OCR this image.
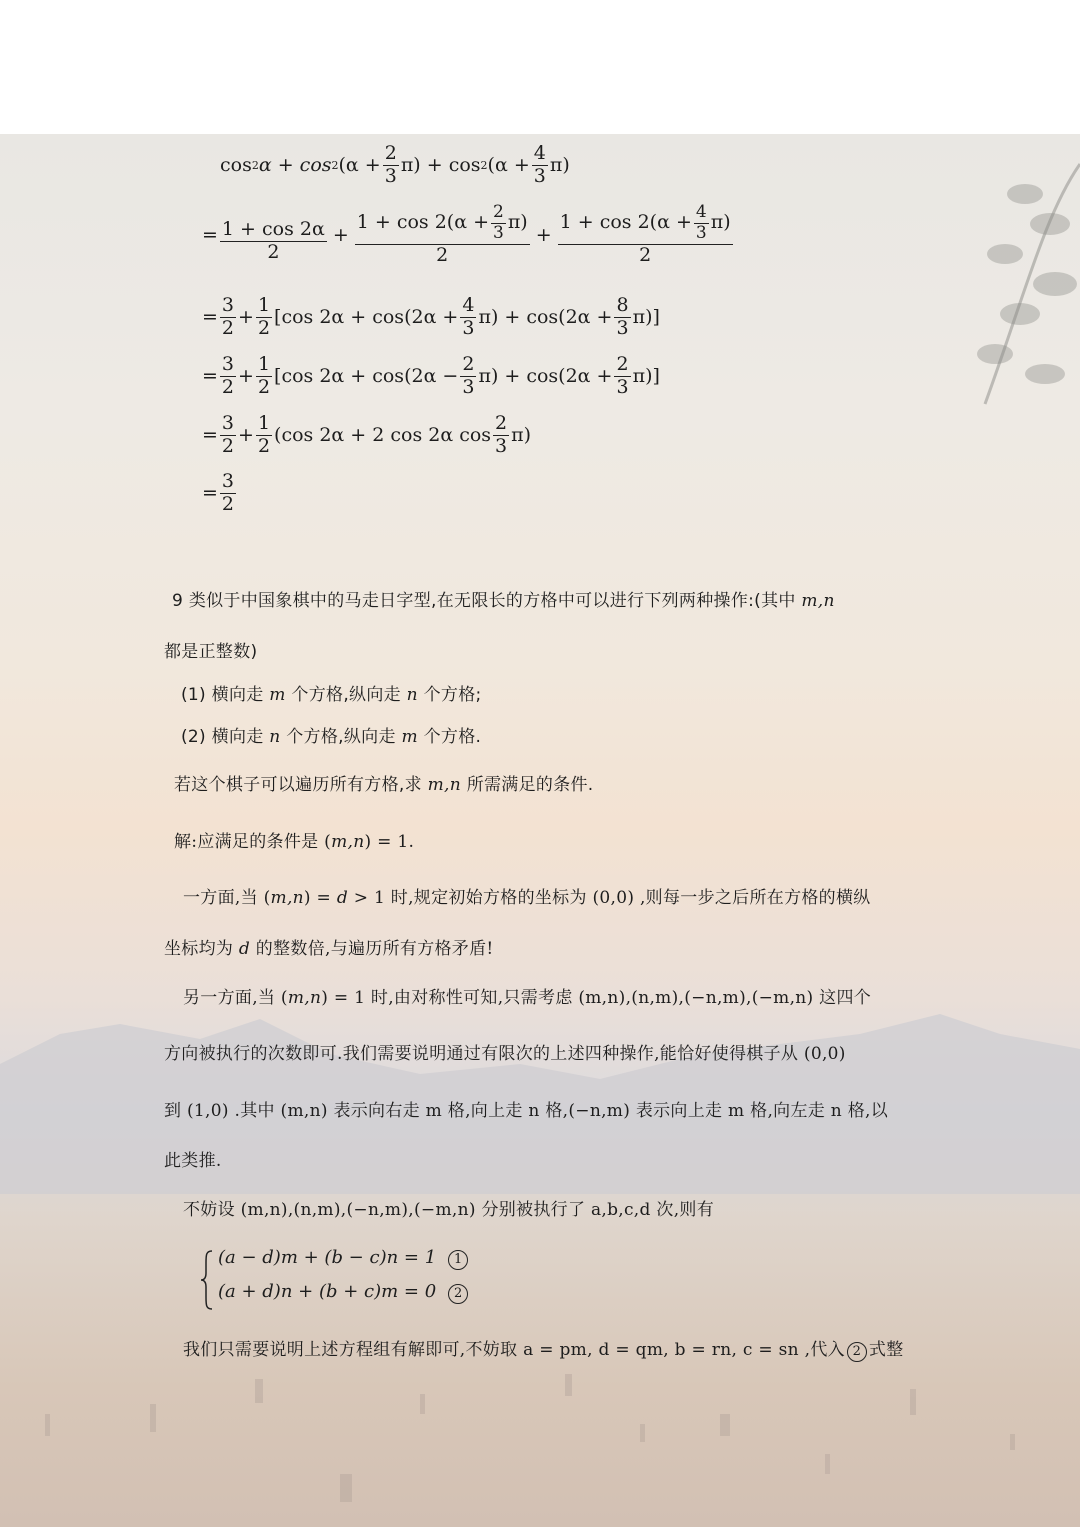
cos 2 α + cos 2 $(\alpha + \frac{2}{3} \pi) + \cos 2$ $(\alpha + \frac{4}{3} \pi)$
= $\frac{1 + \cos 2\alpha}{2} + \frac{1 + \cos 2(\alpha + \frac{2}{3} \pi)}{2} + \frac{1 + \cos 2(\alpha + \frac{4}{3} \pi)}{2}$
= $\frac{3}{2} + \frac{1}{2} [\cos$ $2\alpha + \cos(2\alpha + \frac{4}{3} \pi) + \cos(2\alpha + \frac{8}{3} \pi)$]
= $\frac{3}{2} + \frac{1}{2} [\cos$ $2\alpha + \cos(2\alpha - \frac{2}{3} \pi) + \cos(2\alpha + \frac{2}{3} \pi)$]
= $\frac{3}{2} + \frac{1}{2} (\cos$ 2α + 2 cos 2α $\cos \frac{2}{3} \pi$)
= $\frac{3}{2}$
9 类似于中国象棋中的马走日字型,在无限长的方格中可以进行下列两种操作:(其中 m,n
都是正整数)
(1) 横向走 m 个方格,纵向走 n 个方格;
(2) 横向走 n 个方格,纵向走 m 个方格.
若这个棋子可以遍历所有方格,求 m,n 所需满足的条件.
解:应满足的条件是 (m,n) = 1.
一方面,当 (m,n) = d > 1 时,规定初始方格的坐标为 (0,0) ,则每一步之后所在方格的横纵
坐标均为 d 的整数倍,与遍历所有方格矛盾!
另一方面,当 (m,n) = 1 时,由对称性可知,只需考虑 (m,n),(n,m),(−n,m),(−m,n) 这四个
方向被执行的次数即可.我们需要说明通过有限次的上述四种操作,能恰好使得棋子从 (0,0)
到 (1,0) .其中 (m,n) 表示向右走 m 格,向上走 n 格,(−n,m) 表示向上走 m 格,向左走 n 格,以
此类推.
不妨设 (m,n),(n,m),(−n,m),(−m,n) 分别被执行了 a,b,c,d 次,则有
(a − d)m + (b − c)n = 1 1
(a + d)n + (b + c)m = 0 2
我们只需要说明上述方程组有解即可,不妨取 a = pm, d = qm, b = rn, c = sn ,代入 2 式整
